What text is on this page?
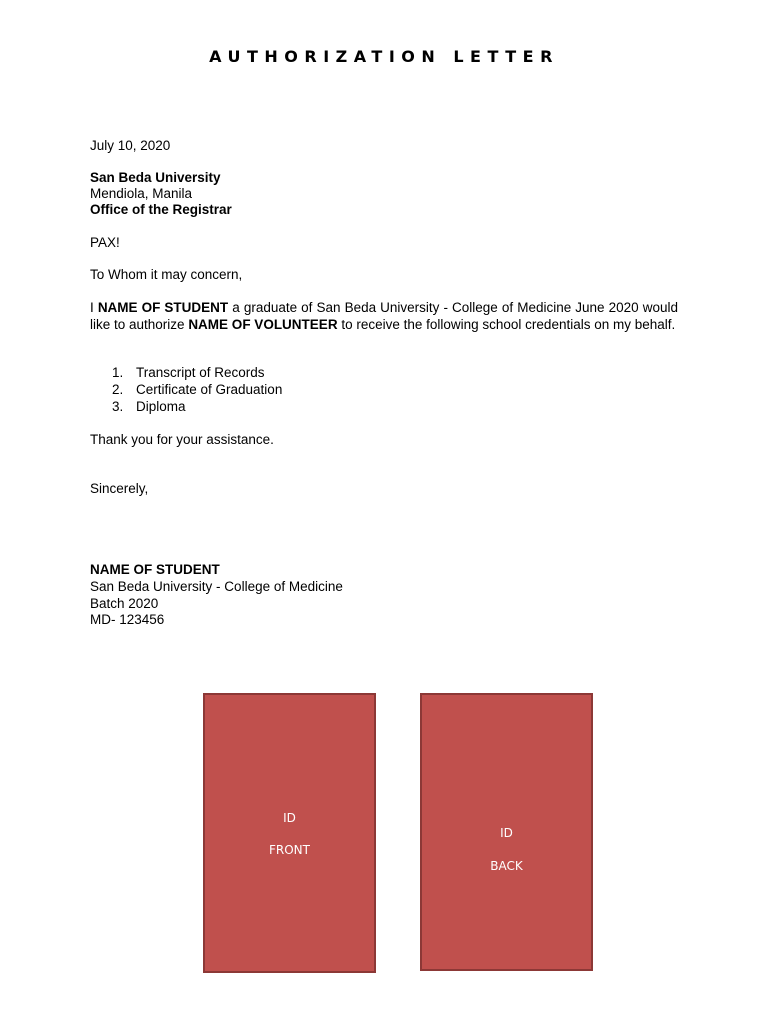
AUTHORIZATION LETTER
July 10, 2020
San Beda University
Mendiola, Manila
Office of the Registrar
PAX!
To Whom it may concern,
I NAME OF STUDENT a graduate of San Beda University - College of Medicine June 2020 would like to authorize NAME OF VOLUNTEER to receive the following school credentials on my behalf.
1. Transcript of Records
2. Certificate of Graduation
3. Diploma
Thank you for your assistance.
Sincerely,
NAME OF STUDENT
San Beda University - College of Medicine
Batch 2020
MD- 123456
ID
FRONT
ID
BACK
